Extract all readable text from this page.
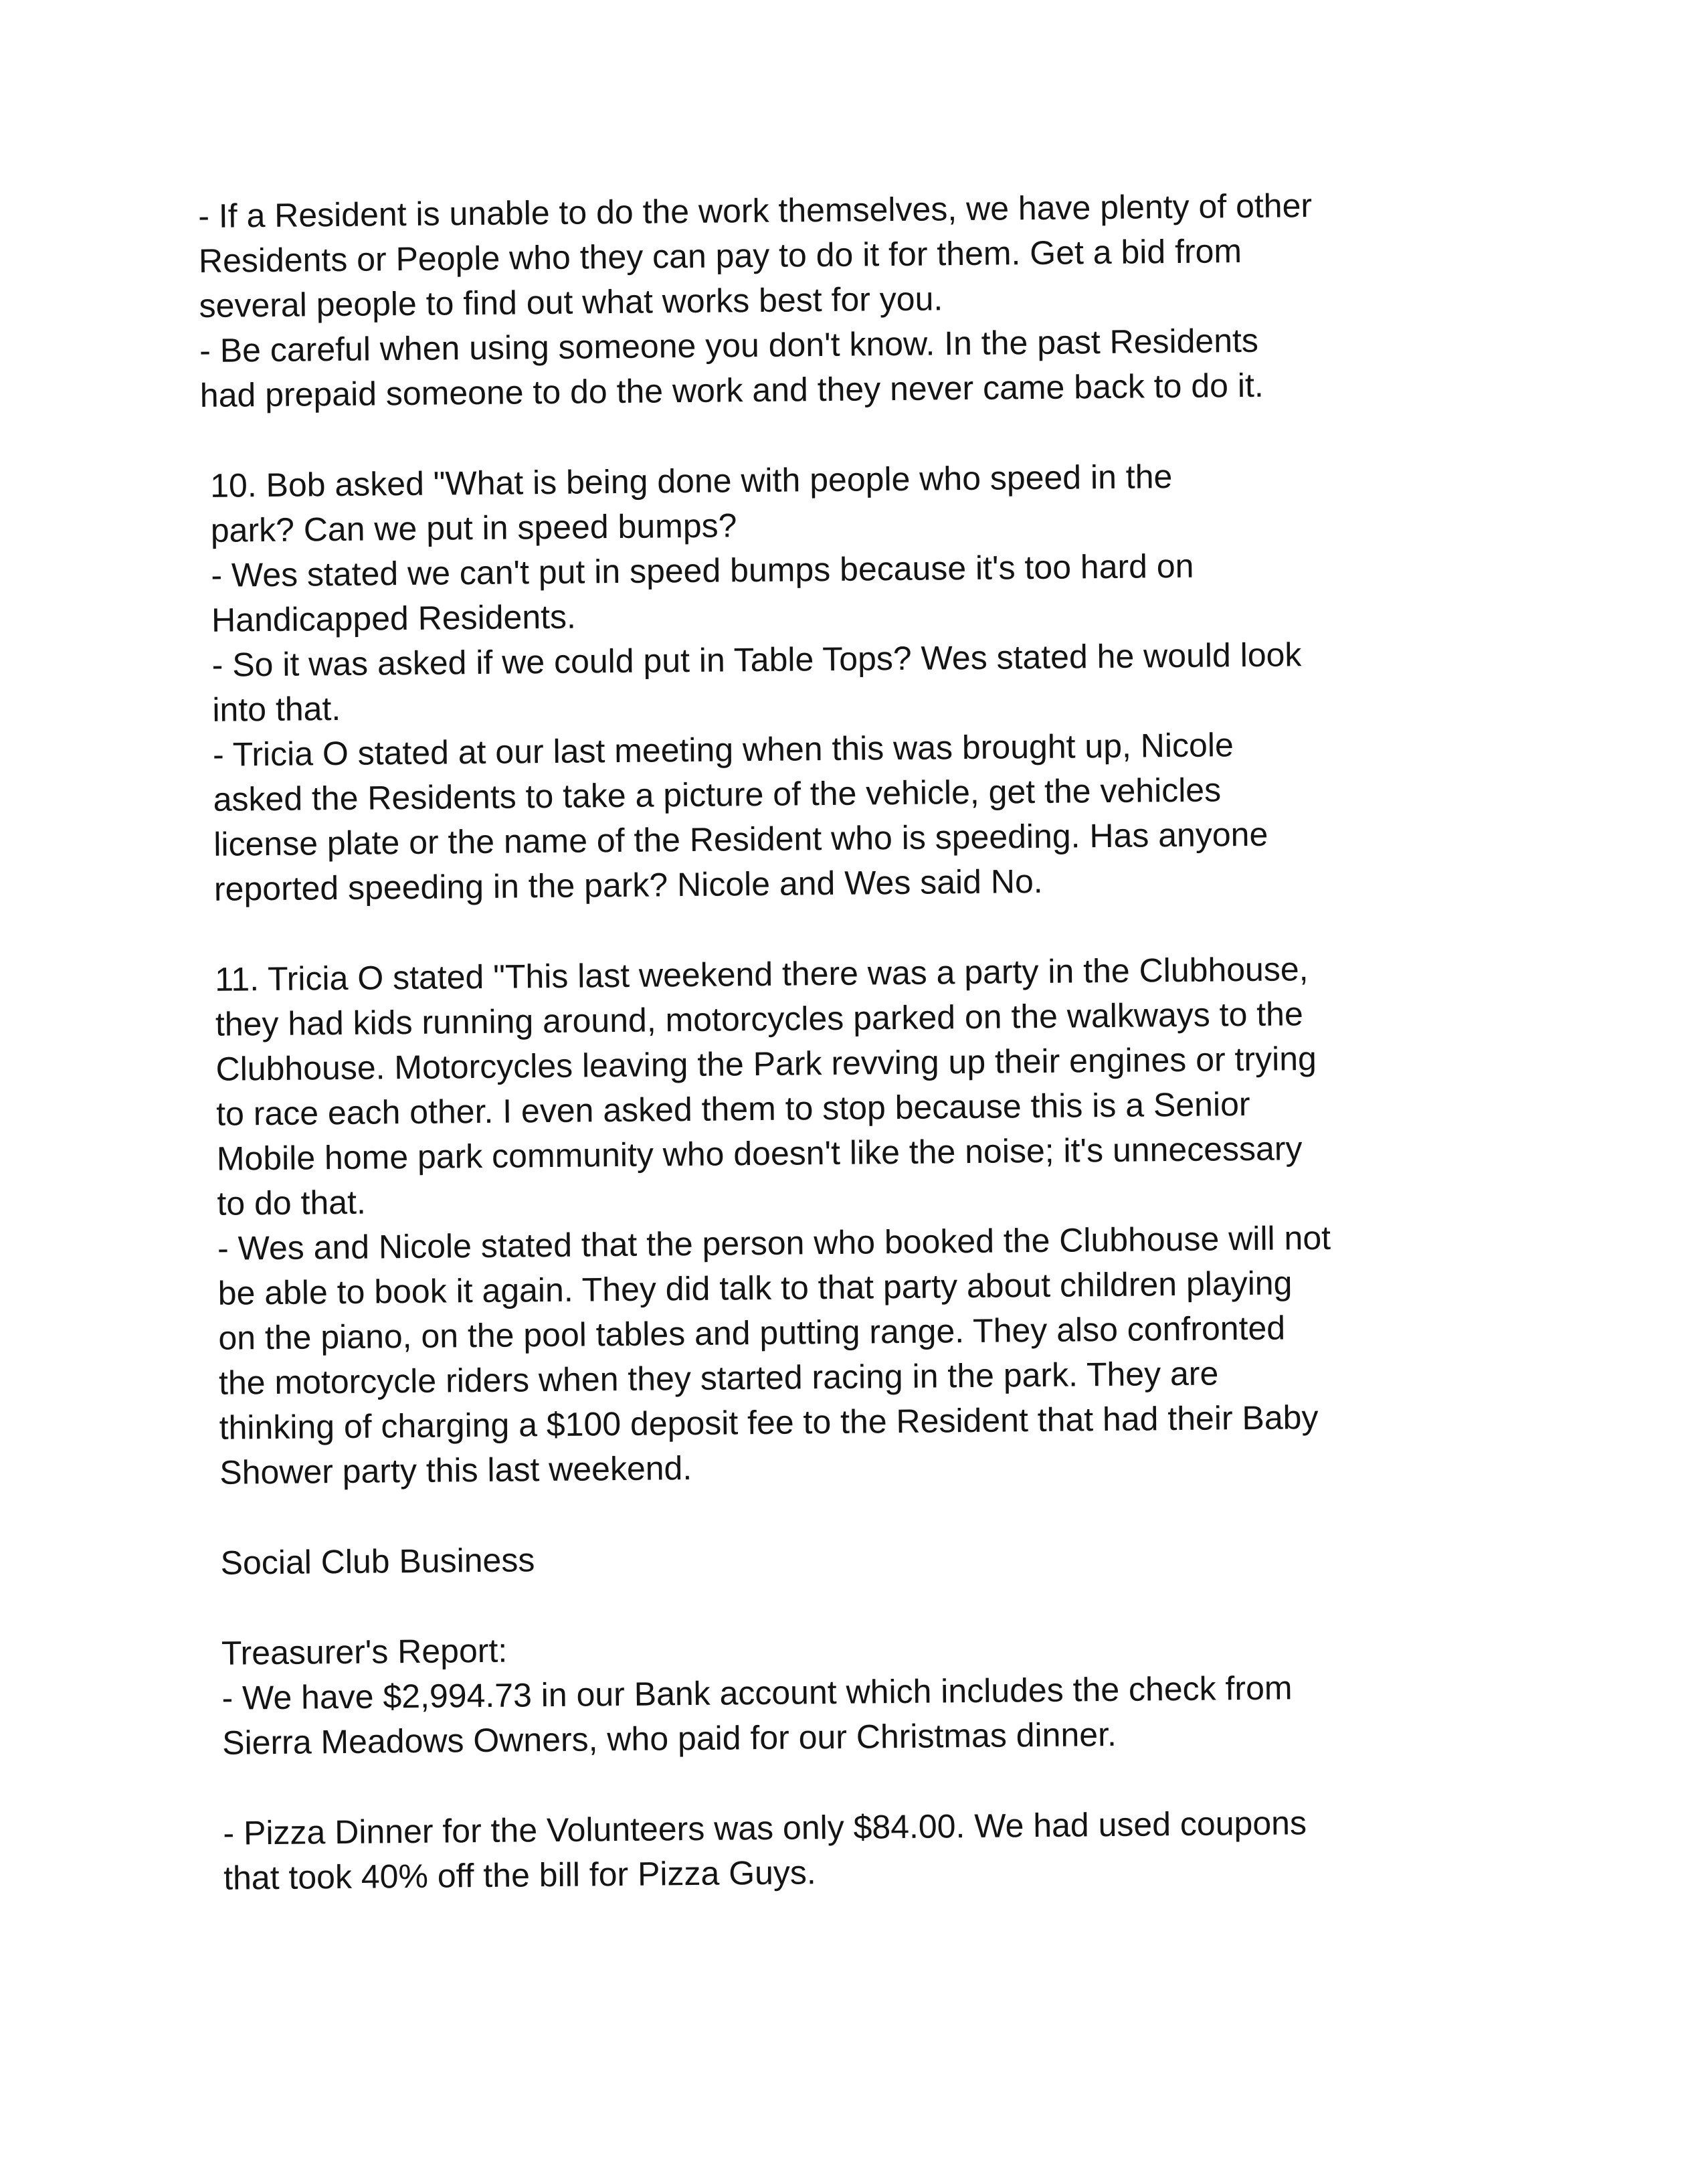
- If a Resident is unable to do the work themselves, we have plenty of other
Residents or People who they can pay to do it for them. Get a bid from
several people to find out what works best for you.
- Be careful when using someone you don't know. In the past Residents
had prepaid someone to do the work and they never came back to do it.
10. Bob asked "What is being done with people who speed in the
park? Can we put in speed bumps?
- Wes stated we can't put in speed bumps because it's too hard on
Handicapped Residents.
- So it was asked if we could put in Table Tops? Wes stated he would look
into that.
- Tricia O stated at our last meeting when this was brought up, Nicole
asked the Residents to take a picture of the vehicle, get the vehicles
license plate or the name of the Resident who is speeding. Has anyone
reported speeding in the park? Nicole and Wes said No.
11. Tricia O stated "This last weekend there was a party in the Clubhouse,
they had kids running around, motorcycles parked on the walkways to the
Clubhouse. Motorcycles leaving the Park revving up their engines or trying
to race each other. I even asked them to stop because this is a Senior
Mobile home park community who doesn't like the noise; it's unnecessary
to do that.
- Wes and Nicole stated that the person who booked the Clubhouse will not
be able to book it again. They did talk to that party about children playing
on the piano, on the pool tables and putting range. They also confronted
the motorcycle riders when they started racing in the park. They are
thinking of charging a $100 deposit fee to the Resident that had their Baby
Shower party this last weekend.
Social Club Business
Treasurer's Report:
- We have $2,994.73 in our Bank account which includes the check from
Sierra Meadows Owners, who paid for our Christmas dinner.
- Pizza Dinner for the Volunteers was only $84.00. We had used coupons
that took 40% off the bill for Pizza Guys.
